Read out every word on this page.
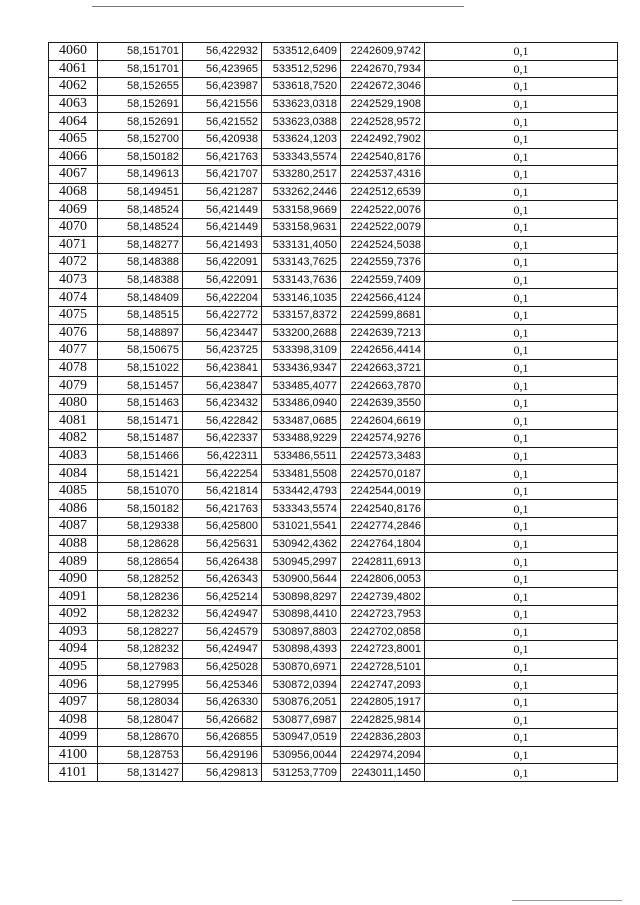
4060	58,151701	56,422932	533512,6409	2242609,9742	0,1
4061	58,151701	56,423965	533512,5296	2242670,7934	0,1
4062	58,152655	56,423987	533618,7520	2242672,3046	0,1
4063	58,152691	56,421556	533623,0318	2242529,1908	0,1
4064	58,152691	56,421552	533623,0388	2242528,9572	0,1
4065	58,152700	56,420938	533624,1203	2242492,7902	0,1
4066	58,150182	56,421763	533343,5574	2242540,8176	0,1
4067	58,149613	56,421707	533280,2517	2242537,4316	0,1
4068	58,149451	56,421287	533262,2446	2242512,6539	0,1
4069	58,148524	56,421449	533158,9669	2242522,0076	0,1
4070	58,148524	56,421449	533158,9631	2242522,0079	0,1
4071	58,148277	56,421493	533131,4050	2242524,5038	0,1
4072	58,148388	56,422091	533143,7625	2242559,7376	0,1
4073	58,148388	56,422091	533143,7636	2242559,7409	0,1
4074	58,148409	56,422204	533146,1035	2242566,4124	0,1
4075	58,148515	56,422772	533157,8372	2242599,8681	0,1
4076	58,148897	56,423447	533200,2688	2242639,7213	0,1
4077	58,150675	56,423725	533398,3109	2242656,4414	0,1
4078	58,151022	56,423841	533436,9347	2242663,3721	0,1
4079	58,151457	56,423847	533485,4077	2242663,7870	0,1
4080	58,151463	56,423432	533486,0940	2242639,3550	0,1
4081	58,151471	56,422842	533487,0685	2242604,6619	0,1
4082	58,151487	56,422337	533488,9229	2242574,9276	0,1
4083	58,151466	56,422311	533486,5511	2242573,3483	0,1
4084	58,151421	56,422254	533481,5508	2242570,0187	0,1
4085	58,151070	56,421814	533442,4793	2242544,0019	0,1
4086	58,150182	56,421763	533343,5574	2242540,8176	0,1
4087	58,129338	56,425800	531021,5541	2242774,2846	0,1
4088	58,128628	56,425631	530942,4362	2242764,1804	0,1
4089	58,128654	56,426438	530945,2997	2242811,6913	0,1
4090	58,128252	56,426343	530900,5644	2242806,0053	0,1
4091	58,128236	56,425214	530898,8297	2242739,4802	0,1
4092	58,128232	56,424947	530898,4410	2242723,7953	0,1
4093	58,128227	56,424579	530897,8803	2242702,0858	0,1
4094	58,128232	56,424947	530898,4393	2242723,8001	0,1
4095	58,127983	56,425028	530870,6971	2242728,5101	0,1
4096	58,127995	56,425346	530872,0394	2242747,2093	0,1
4097	58,128034	56,426330	530876,2051	2242805,1917	0,1
4098	58,128047	56,426682	530877,6987	2242825,9814	0,1
4099	58,128670	56,426855	530947,0519	2242836,2803	0,1
4100	58,128753	56,429196	530956,0044	2242974,2094	0,1
4101	58,131427	56,429813	531253,7709	2243011,1450	0,1
